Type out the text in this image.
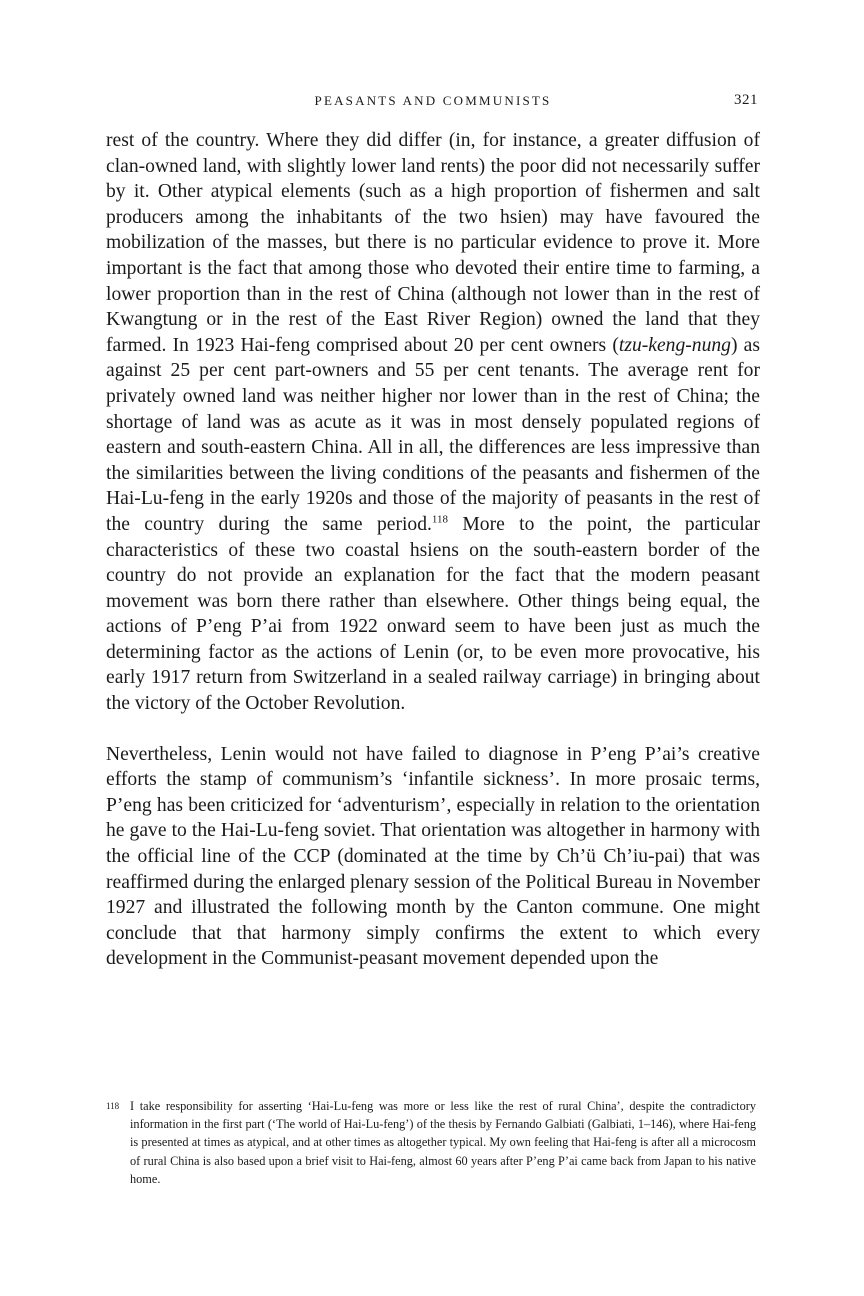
PEASANTS AND COMMUNISTS	321

rest of the country. Where they did differ (in, for instance, a greater diffusion of clan-owned land, with slightly lower land rents) the poor did not necessarily suffer by it. Other atypical elements (such as a high proportion of fishermen and salt producers among the inhabitants of the two hsien) may have favoured the mobilization of the masses, but there is no particular evidence to prove it. More important is the fact that among those who devoted their entire time to farming, a lower proportion than in the rest of China (although not lower than in the rest of Kwangtung or in the rest of the East River Region) owned the land that they farmed. In 1923 Hai-feng comprised about 20 per cent owners (tzu-keng-nung) as against 25 per cent part-owners and 55 per cent tenants. The average rent for privately owned land was neither higher nor lower than in the rest of China; the shortage of land was as acute as it was in most densely populated regions of eastern and south-eastern China. All in all, the differences are less impressive than the similarities between the living conditions of the peasants and fishermen of the Hai-Lu-feng in the early 1920s and those of the majority of peasants in the rest of the country during the same period.$^{118}$ More to the point, the particular characteristics of these two coastal hsiens on the south-eastern border of the country do not provide an explanation for the fact that the modern peasant movement was born there rather than elsewhere. Other things being equal, the actions of P’eng P’ai from 1922 onward seem to have been just as much the determining factor as the actions of Lenin (or, to be even more provocative, his early 1917 return from Switzerland in a sealed railway carriage) in bringing about the victory of the October Revolution.

Nevertheless, Lenin would not have failed to diagnose in P’eng P’ai’s creative efforts the stamp of communism’s ‘infantile sickness’. In more prosaic terms, P’eng has been criticized for ‘adventurism’, especially in relation to the orientation he gave to the Hai-Lu-feng soviet. That orientation was altogether in harmony with the official line of the CCP (dominated at the time by Ch’ü Ch’iu-pai) that was reaffirmed during the enlarged plenary session of the Political Bureau in November 1927 and illustrated the following month by the Canton commune. One might conclude that that harmony simply confirms the extent to which every development in the Communist-peasant movement depended upon the

118 I take responsibility for asserting ‘Hai-Lu-feng was more or less like the rest of rural China’, despite the contradictory information in the first part (‘The world of Hai-Lu-feng’) of the thesis by Fernando Galbiati (Galbiati, 1–146), where Hai-feng is presented at times as atypical, and at other times as altogether typical. My own feeling that Hai-feng is after all a microcosm of rural China is also based upon a brief visit to Hai-feng, almost 60 years after P’eng P’ai came back from Japan to his native home.
